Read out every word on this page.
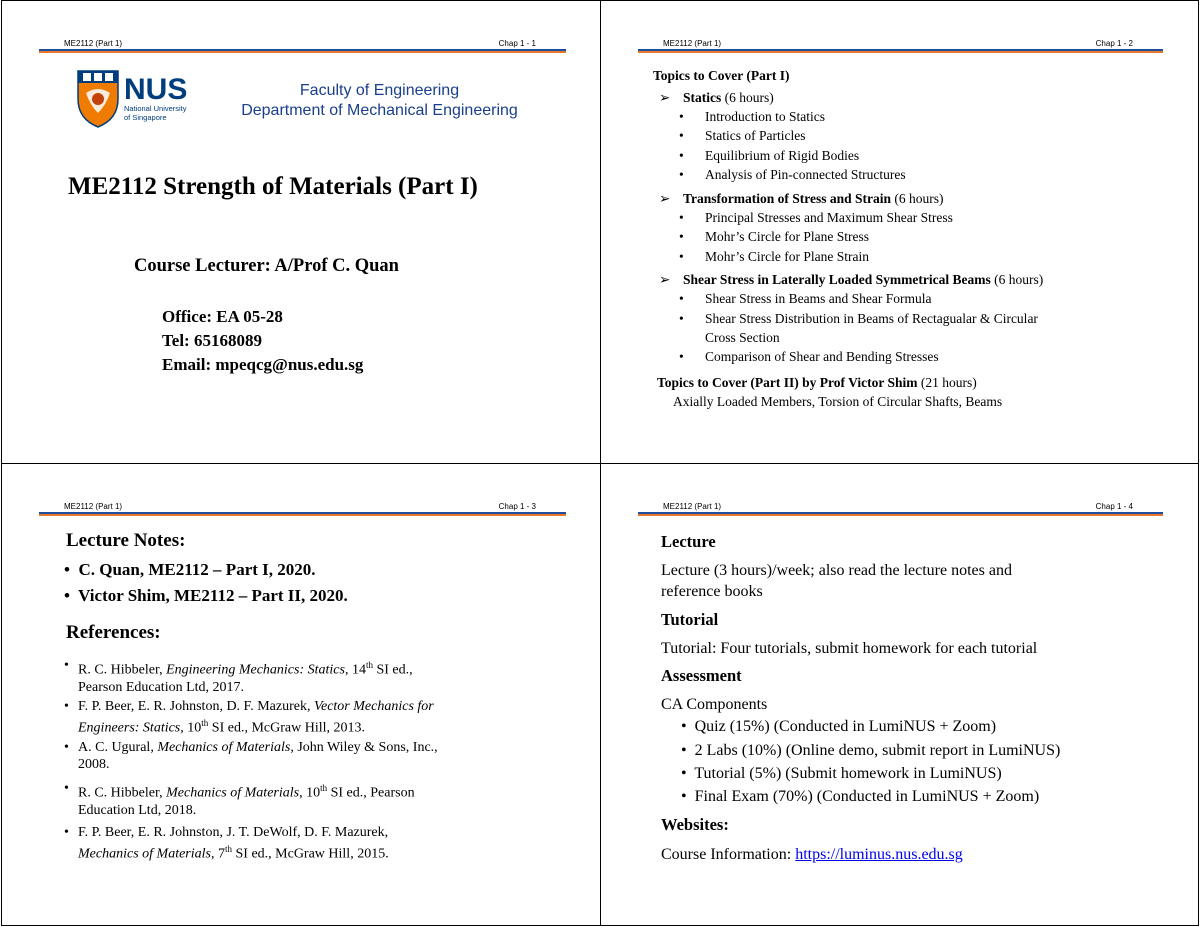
ME2112 (Part 1)	Chap 1 - 1
NUS
National University
of Singapore
Faculty of Engineering
Department of Mechanical Engineering
ME2112 Strength of Materials (Part I)
Course Lecturer: A/Prof C. Quan
Office: EA 05-28
Tel: 65168089
Email: mpeqcg@nus.edu.sg
ME2112 (Part 1)	Chap 1 - 2
Topics to Cover (Part I)
➢ Statics (6 hours)
• Introduction to Statics
• Statics of Particles
• Equilibrium of Rigid Bodies
• Analysis of Pin-connected Structures
➢ Transformation of Stress and Strain (6 hours)
• Principal Stresses and Maximum Shear Stress
• Mohr’s Circle for Plane Stress
• Mohr’s Circle for Plane Strain
➢ Shear Stress in Laterally Loaded Symmetrical Beams (6 hours)
• Shear Stress in Beams and Shear Formula
• Shear Stress Distribution in Beams of Rectagualar & Circular
Cross Section
• Comparison of Shear and Bending Stresses
Topics to Cover (Part II) by Prof Victor Shim (21 hours)
Axially Loaded Members, Torsion of Circular Shafts, Beams
ME2112 (Part 1)	Chap 1 - 3
Lecture Notes:
•  C. Quan, ME2112 – Part I, 2020.
•  Victor Shim, ME2112 – Part II, 2020.
References:
• R. C. Hibbeler, Engineering Mechanics: Statics, 14th SI ed.,
Pearson Education Ltd, 2017.
• F. P. Beer, E. R. Johnston, D. F. Mazurek, Vector Mechanics for
Engineers: Statics, 10th SI ed., McGraw Hill, 2013.
• A. C. Ugural, Mechanics of Materials, John Wiley & Sons, Inc.,
2008.
• R. C. Hibbeler, Mechanics of Materials, 10th SI ed., Pearson
Education Ltd, 2018.
• F. P. Beer, E. R. Johnston, J. T. DeWolf, D. F. Mazurek,
Mechanics of Materials, 7th SI ed., McGraw Hill, 2015.
ME2112 (Part 1)	Chap 1 - 4
Lecture
Lecture (3 hours)/week; also read the lecture notes and
reference books
Tutorial
Tutorial: Four tutorials, submit homework for each tutorial
Assessment
CA Components
•  Quiz (15%) (Conducted in LumiNUS + Zoom)
•  2 Labs (10%) (Online demo, submit report in LumiNUS)
•  Tutorial (5%) (Submit homework in LumiNUS)
•  Final Exam (70%) (Conducted in LumiNUS + Zoom)
Websites:
Course Information: https://luminus.nus.edu.sg
